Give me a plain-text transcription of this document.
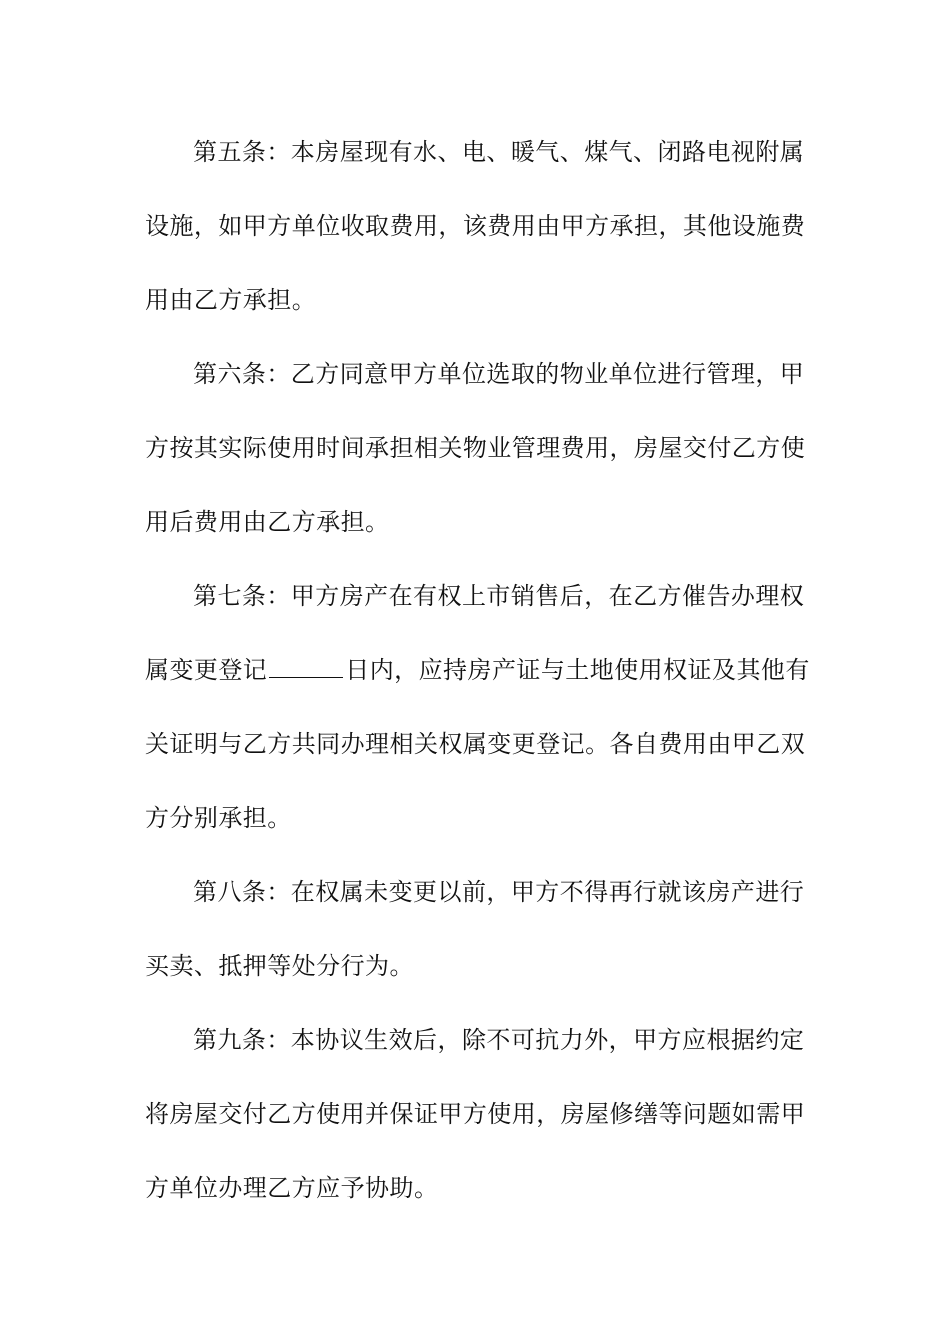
第五条：本房屋现有水、电、暖气、煤气、闭路电视附属
设施，如甲方单位收取费用，该费用由甲方承担，其他设施费
用由乙方承担。
第六条：乙方同意甲方单位选取的物业单位进行管理，甲
方按其实际使用时间承担相关物业管理费用，房屋交付乙方使
用后费用由乙方承担。
第七条：甲方房产在有权上市销售后，在乙方催告办理权
属变更登记	日内，应持房产证与土地使用权证及其他有
关证明与乙方共同办理相关权属变更登记。各自费用由甲乙双
方分别承担。
第八条：在权属未变更以前，甲方不得再行就该房产进行
买卖、抵押等处分行为。
第九条：本协议生效后，除不可抗力外，甲方应根据约定
将房屋交付乙方使用并保证甲方使用，房屋修缮等问题如需甲
方单位办理乙方应予协助。
